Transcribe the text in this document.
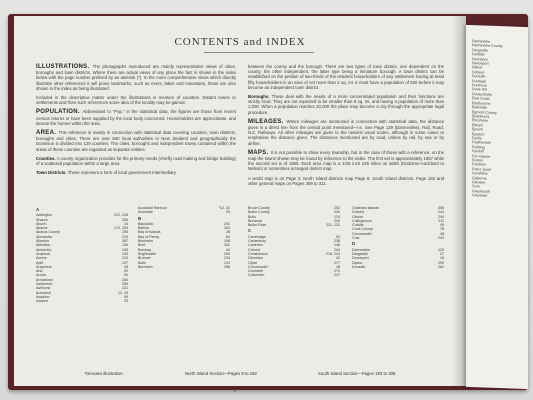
CONTENTS and INDEX

ILLUSTRATIONS. The photographs reproduced are mainly representative views of cities, boroughs and town districts. Where there are actual views of any place the fact is shown in the index below with the page number prefixed by an asterisk (*). In the more comprehensive views which directly illustrate other references it will prove landmarks, such as rivers, lakes and mountains, these are also shown in the index as being illustrated.

Included in the descriptive matter under the illustrations is mention of counties. Distant towns or settlements and from such references some idea of the locality may be gained.

POPULATION. Abbreviated to "Pop." in the statistical data, the figures are those from recent census returns or have been supplied by the local body concerned. Householders are approximate, and denote the homes within the area.

AREA. This reference is mainly in connection with statistical data covering counties, town districts, boroughs and cities. There are over 600 local authorities in New Zealand and geographically the Dominion is divided into 129 counties. The cities, boroughs and independent towns contained within the areas of these counties are regarded as separate entities.

Counties. A county organization provides for the primary needs (chiefly road making and bridge building) of a scattered population within a large area.

Town Districts. These represent a form of local government intermediary

between the county and the borough. There are two types of town district, one dependent on the county, the other independent, the latter type being a miniature borough. A town district can be established on the petition of two-thirds of the resident householders of any settlement having at least fifty householders in an area of not more than 2 sq. mi. It must have a population of 500 before it may become an independent town district.

Boroughs. These deal with the needs of a more concentrated population and their functions are strictly local. They are not expected to be smaller than 9 sq. mi. and having a population of more than 1,000. When a population reaches 20,000 the place may become a city through the appropriate legal procedure.

MILEAGES. Where mileages are mentioned in connection with statistical data, the distance given is a direct line from the central point mentioned—i.e. See Page 129 (Dannevirke), Rail, Road, N.Z. Railways. All other mileages are given to the nearest usual routes, although in some cases to emphasise the distance given. The distances mentioned are by road, unless by rail, by sea or by airline.

MAPS. It is not possible to show every township, but in the case of those with a reference, on the map the towns shown may be found by reference to the index. The first set is approximately 1957 while the second set is of 1960. Each area map is a 1/25 inch 225 miles on width (Gisborne-Auckland to Nelson) or sometimes arranged district map.

A world map is on Page 3, North Island districts map Page 8, South Island districts, Page 193 and other general maps on Pages 309 to 311.

A
Addington	222, 228
Ahaura	306
Ahuriri	10
Akaroa	174, 254
Akaroa County	255
Alexandra	216
Allanton	287
Alfredton	136
Amberley	245
Anakiwa	195
Aorere	210
Apiti	127
Arapohue	28
Aria	92
Aroha	54
Arrowtown	280
Ashburton	258
Ashhurst	131
Auckland	13, 15
Awakino	99
Awanui	23
Auckland Harbour	*12, 32
Avondale	20
B
Balclutha	291
Balfour	300
Bay of Islands	26
Bay of Plenty	64
Blenheim	198
Bluff	302
Bombay	44
Brightwater	206
Brunner	234
Bulls	124
Burnham	256
Bruce County	292
Buller County	230
Bulls	124
Burwood	240
Buller River	231, 232
C
Cambridge	52
Canterbury	238
Carterton	148
Cheviot	244
Christchurch	218, 224
Clevedon	42
Clyde	277
Coromandel	48
Cromwell	279
Culverden	247
Chatham Islands	308
Cheviot	244
Clinton	294
Collingwood	211
Colville	49
Cook County	78
Coromandel	48
Cust	243
D
Dannevirke	129
Dargaville	27
Devonport	18
Dipton	299
Dunedin	282
*Denotes illustration.	North Island Section—Pages 9 to 192	South Island Section—Pages 193 to 308
4
Dannevirke
Dannevirke County
Dargaville
Darfield
Denniston
Devonport
Dipton
Dobson
Dunedin
Dunback
Duntroon
Durie Hill
Duvauchelle
East Coast
Eastbourne
Edendale
Egmont County
Eketahuna
Ellesmere
Eltham
Epsom
Eyreton
Fairlie
Featherston
Feilding
Fernhill
Fox Glacier
Foxton
Frankton
Franz Josef
Geraldine
Gisborne
Glenavy
Gore
Greymouth
Greytown
